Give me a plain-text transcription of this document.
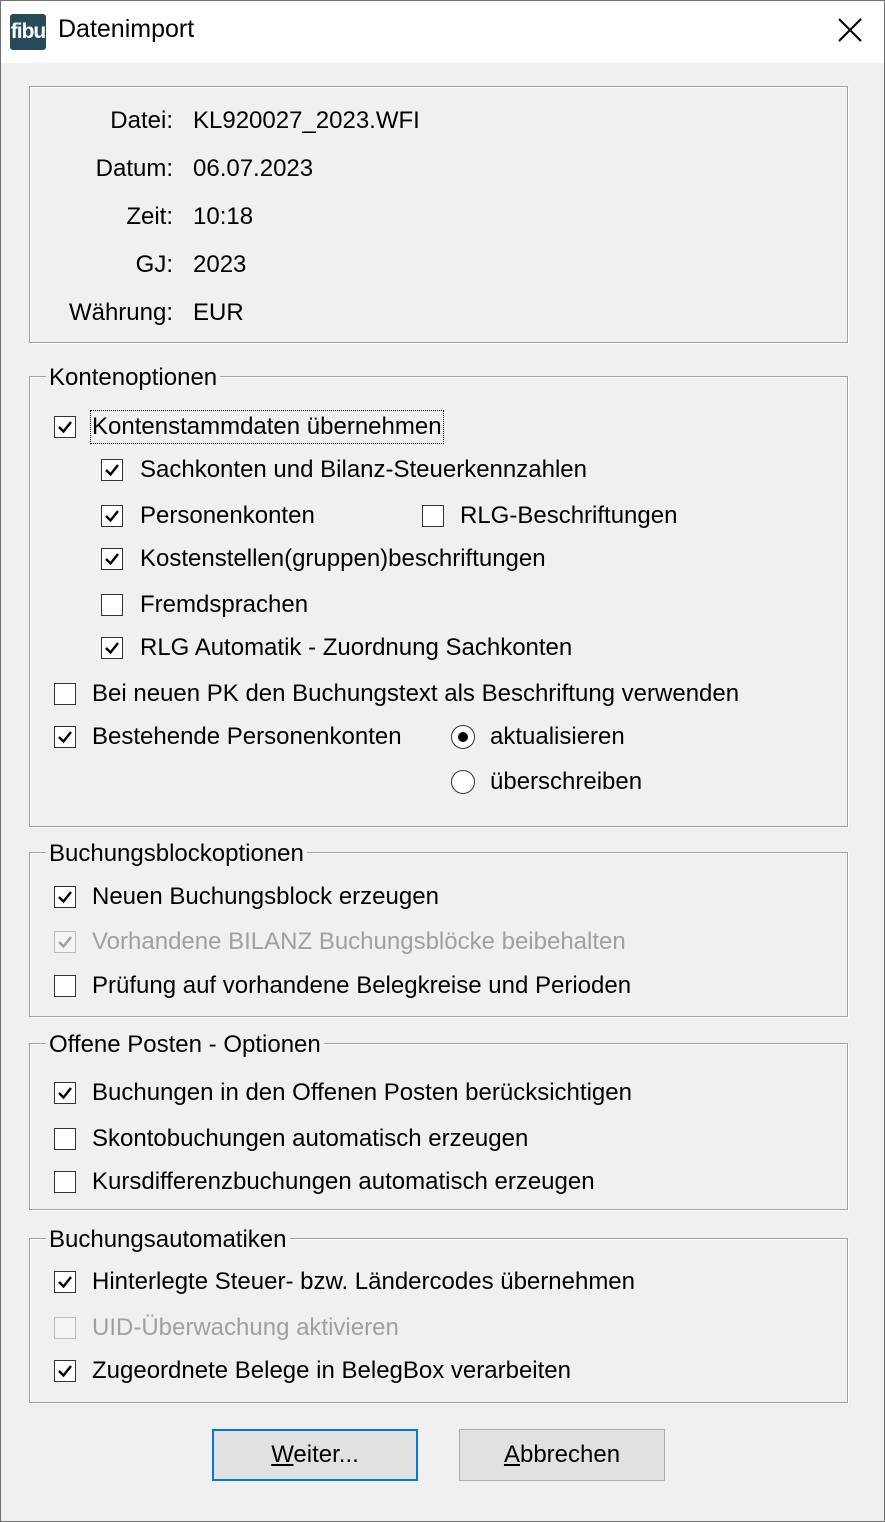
fibu Datenimport
Datei: KL920027_2023.WFI
Datum: 06.07.2023
Zeit: 10:18
GJ: 2023
Währung: EUR
Kontenoptionen
Kontenstammdaten übernehmen
Sachkonten und Bilanz-Steuerkennzahlen
Personenkonten	RLG-Beschriftungen
Kostenstellen(gruppen)beschriftungen
Fremdsprachen
RLG Automatik - Zuordnung Sachkonten
Bei neuen PK den Buchungstext als Beschriftung verwenden
Bestehende Personenkonten	aktualisieren
überschreiben
Buchungsblockoptionen
Neuen Buchungsblock erzeugen
Vorhandene BILANZ Buchungsblöcke beibehalten
Prüfung auf vorhandene Belegkreise und Perioden
Offene Posten - Optionen
Buchungen in den Offenen Posten berücksichtigen
Skontobuchungen automatisch erzeugen
Kursdifferenzbuchungen automatisch erzeugen
Buchungsautomatiken
Hinterlegte Steuer- bzw. Ländercodes übernehmen
UID-Überwachung aktivieren
Zugeordnete Belege in BelegBox verarbeiten
Weiter...	Abbrechen
